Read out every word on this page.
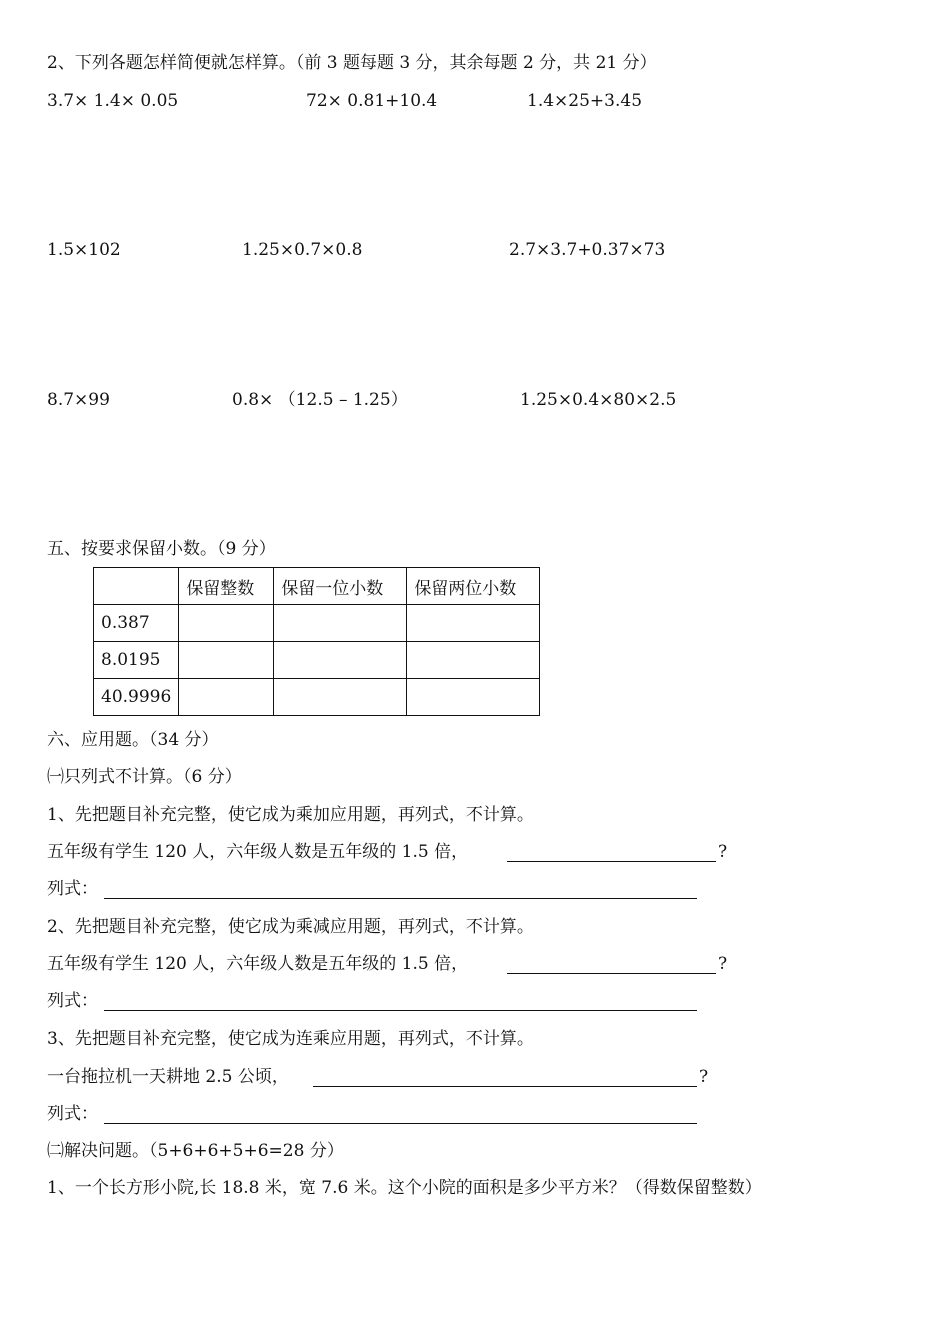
2、下列各题怎样简便就怎样算。（前 3 题每题 3 分，其余每题 2 分，共 21 分）
3.7× 1.4× 0.05	72× 0.81+10.4	1.4×25+3.45
1.5×102	1.25×0.7×0.8	2.7×3.7+0.37×73
8.7×99	0.8× （12.5 – 1.25）	1.25×0.4×80×2.5
五、按要求保留小数。（9 分）
	保留整数	保留一位小数	保留两位小数
0.387			
8.0195			
40.9996			
六、应用题。（34 分）
㈠只列式不计算。（6 分）
1、先把题目补充完整，使它成为乘加应用题，再列式，不计算。
五年级有学生 120 人，六年级人数是五年级的 1.5 倍，	?
列式：
2、先把题目补充完整，使它成为乘减应用题，再列式，不计算。
五年级有学生 120 人，六年级人数是五年级的 1.5 倍，	?
列式：
3、先把题目补充完整，使它成为连乘应用题，再列式，不计算。
一台拖拉机一天耕地 2.5 公顷，	?
列式：
㈡解决问题。（5+6+6+5+6=28 分）
1、一个长方形小院,长 18.8 米，宽 7.6 米。这个小院的面积是多少平方米？（得数保留整数）
